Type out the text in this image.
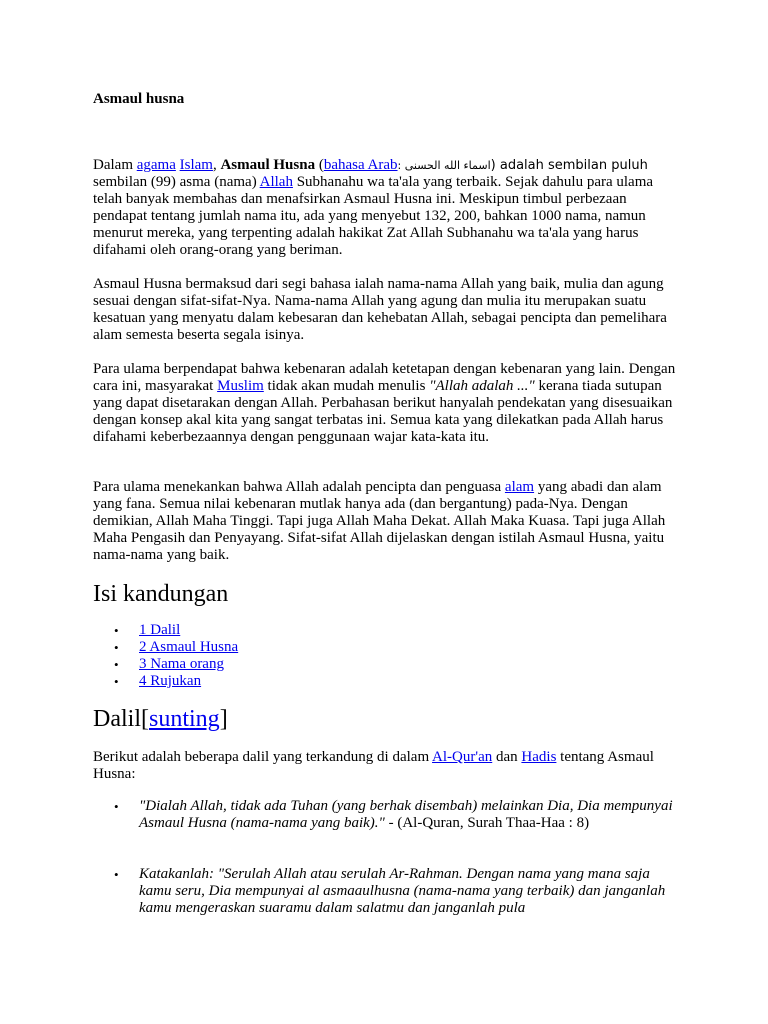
Asmaul husna

Dalam agama Islam, Asmaul Husna (bahasa Arab: اسماء الله الحسنى) adalah sembilan puluh
sembilan (99) asma (nama) Allah Subhanahu wa ta'ala yang terbaik. Sejak dahulu para ulama telah banyak membahas dan menafsirkan Asmaul Husna ini. Meskipun timbul perbezaan pendapat tentang jumlah nama itu, ada yang menyebut 132, 200, bahkan 1000 nama, namun menurut mereka, yang terpenting adalah hakikat Zat Allah Subhanahu wa ta'ala yang harus difahami oleh orang-orang yang beriman.

Asmaul Husna bermaksud dari segi bahasa ialah nama-nama Allah yang baik, mulia dan agung sesuai dengan sifat-sifat-Nya. Nama-nama Allah yang agung dan mulia itu merupakan suatu kesatuan yang menyatu dalam kebesaran dan kehebatan Allah, sebagai pencipta dan pemelihara alam semesta beserta segala isinya.

Para ulama berpendapat bahwa kebenaran adalah ketetapan dengan kebenaran yang lain. Dengan cara ini, masyarakat Muslim tidak akan mudah menulis "Allah adalah ..." kerana tiada sutupan yang dapat disetarakan dengan Allah. Perbahasan berikut hanyalah pendekatan yang disesuaikan dengan konsep akal kita yang sangat terbatas ini. Semua kata yang dilekatkan pada Allah harus difahami keberbezaannya dengan penggunaan wajar kata-kata itu.

Para ulama menekankan bahwa Allah adalah pencipta dan penguasa alam yang abadi dan alam yang fana. Semua nilai kebenaran mutlak hanya ada (dan bergantung) pada-Nya. Dengan demikian, Allah Maha Tinggi. Tapi juga Allah Maha Dekat. Allah Maka Kuasa. Tapi juga Allah Maha Pengasih dan Penyayang. Sifat-sifat Allah dijelaskan dengan istilah Asmaul Husna, yaitu nama-nama yang baik.

Isi kandungan
• 1 Dalil
• 2 Asmaul Husna
• 3 Nama orang
• 4 Rujukan
Dalil[sunting]

Berikut adalah beberapa dalil yang terkandung di dalam Al-Qur'an dan Hadis tentang Asmaul Husna:

• "Dialah Allah, tidak ada Tuhan (yang berhak disembah) melainkan Dia, Dia mempunyai Asmaul Husna (nama-nama yang baik)." - (Al-Quran, Surah Thaa-Haa : 8)
• Katakanlah: "Serulah Allah atau serulah Ar-Rahman. Dengan nama yang mana saja kamu seru, Dia mempunyai al asmaaulhusna (nama-nama yang terbaik) dan janganlah kamu mengeraskan suaramu dalam salatmu dan janganlah pula
